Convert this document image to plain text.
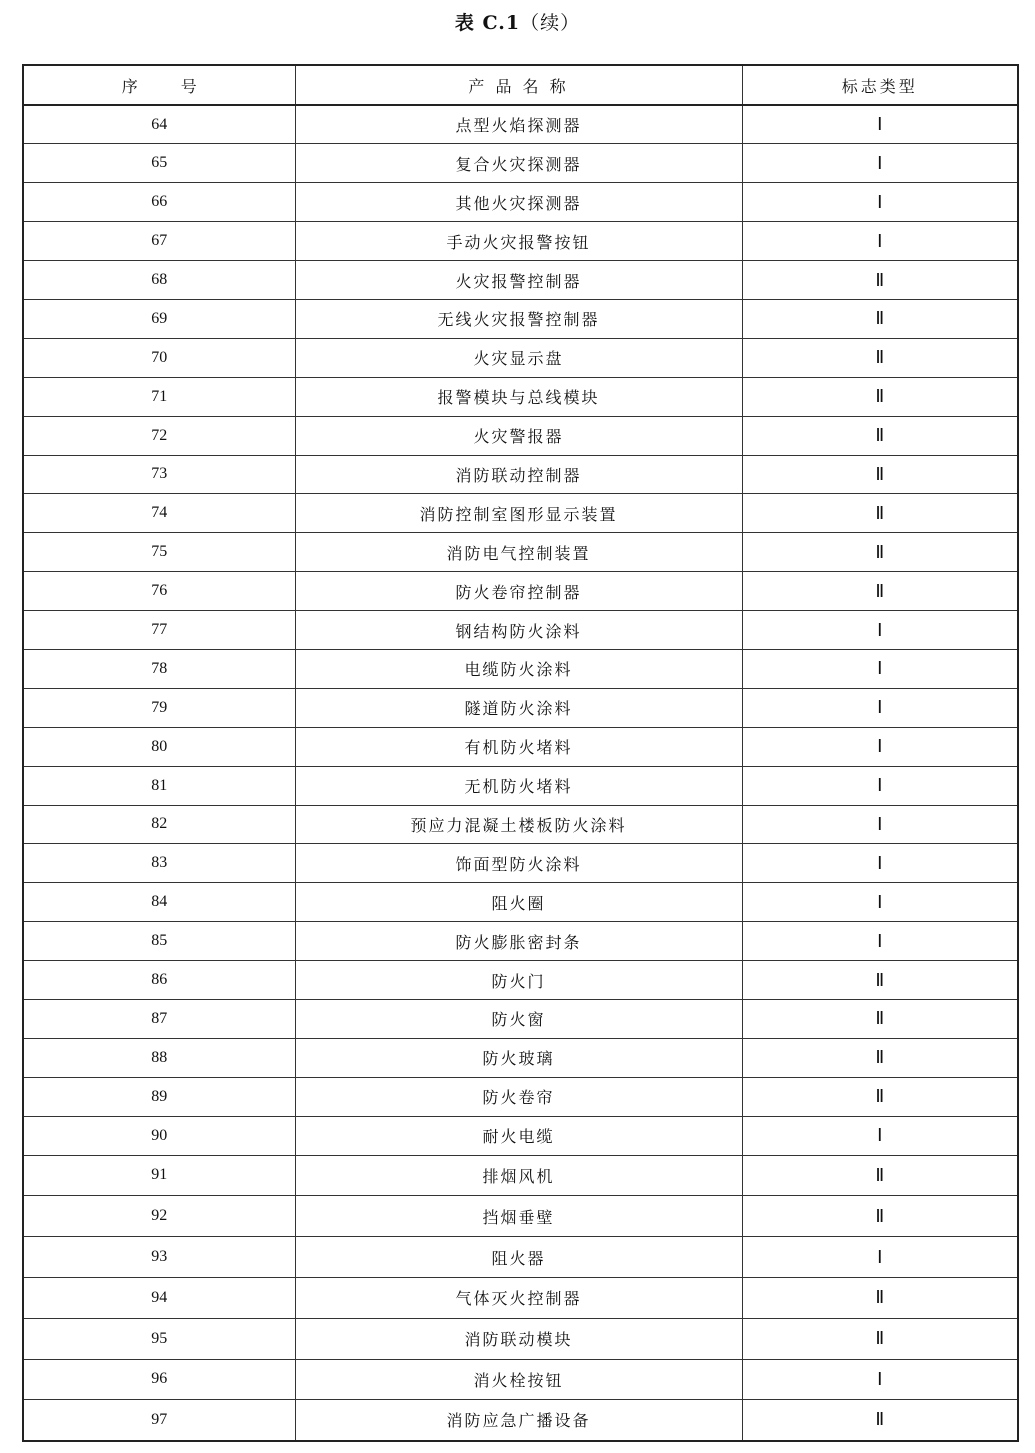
表 C.1（续）
序 号	产 品 名 称	标志类型
64	点型火焰探测器	Ⅰ
65	复合火灾探测器	Ⅰ
66	其他火灾探测器	Ⅰ
67	手动火灾报警按钮	Ⅰ
68	火灾报警控制器	Ⅱ
69	无线火灾报警控制器	Ⅱ
70	火灾显示盘	Ⅱ
71	报警模块与总线模块	Ⅱ
72	火灾警报器	Ⅱ
73	消防联动控制器	Ⅱ
74	消防控制室图形显示装置	Ⅱ
75	消防电气控制装置	Ⅱ
76	防火卷帘控制器	Ⅱ
77	钢结构防火涂料	Ⅰ
78	电缆防火涂料	Ⅰ
79	隧道防火涂料	Ⅰ
80	有机防火堵料	Ⅰ
81	无机防火堵料	Ⅰ
82	预应力混凝土楼板防火涂料	Ⅰ
83	饰面型防火涂料	Ⅰ
84	阻火圈	Ⅰ
85	防火膨胀密封条	Ⅰ
86	防火门	Ⅱ
87	防火窗	Ⅱ
88	防火玻璃	Ⅱ
89	防火卷帘	Ⅱ
90	耐火电缆	Ⅰ
91	排烟风机	Ⅱ
92	挡烟垂壁	Ⅱ
93	阻火器	Ⅰ
94	气体灭火控制器	Ⅱ
95	消防联动模块	Ⅱ
96	消火栓按钮	Ⅰ
97	消防应急广播设备	Ⅱ
